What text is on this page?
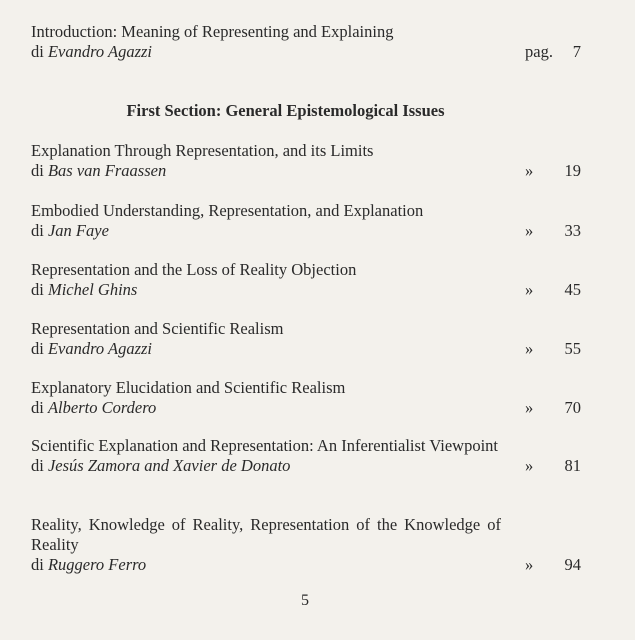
Introduction: Meaning of Representing and Explaining
di Evandro Agazzi	pag. 7
First Section: General Epistemological Issues
Explanation Through Representation, and its Limits
di Bas van Fraassen	» 19
Embodied Understanding, Representation, and Explanation
di Jan Faye	» 33
Representation and the Loss of Reality Objection
di Michel Ghins	» 45
Representation and Scientific Realism
di Evandro Agazzi	» 55
Explanatory Elucidation and Scientific Realism
di Alberto Cordero	» 70
Scientific Explanation and Representation: An Inferentialist Viewpoint
di Jesús Zamora and Xavier de Donato	» 81
Reality, Knowledge of Reality, Representation of the Knowledge of Reality
di Ruggero Ferro	» 94
5
